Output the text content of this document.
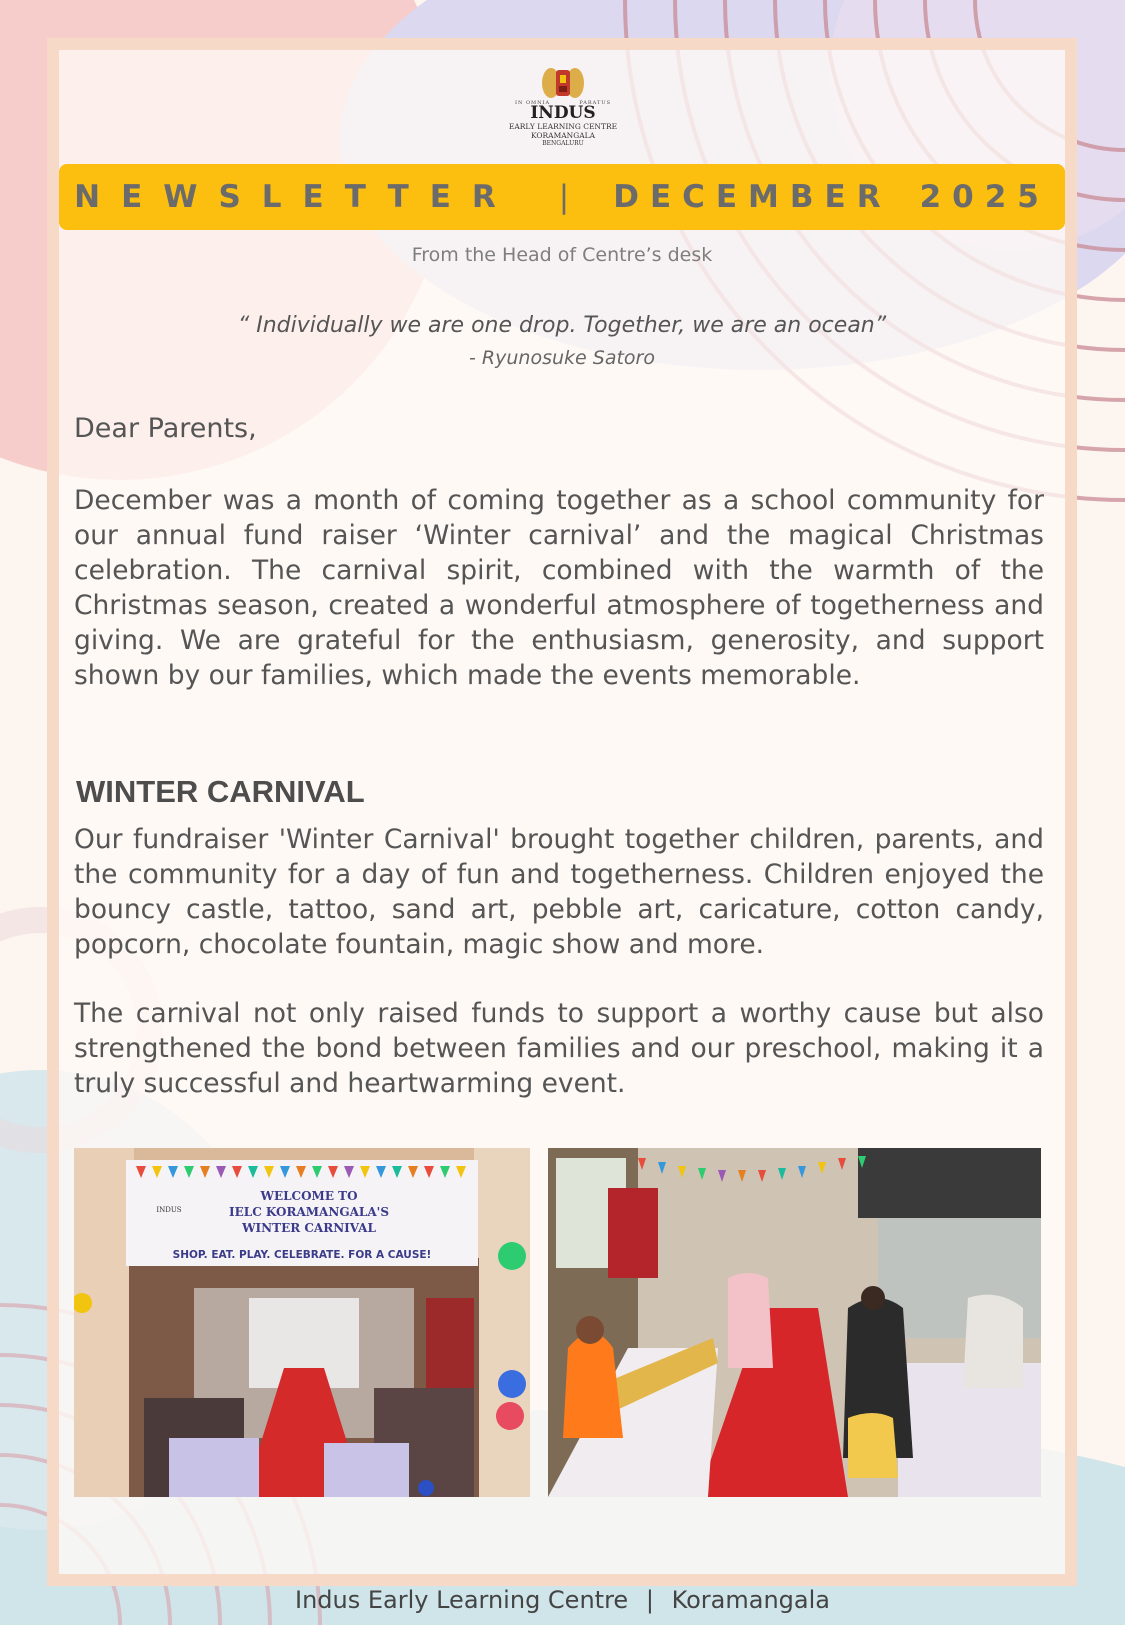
IN OMNIA	PARATUS
INDUS
EARLY LEARNING CENTRE
KORAMANGALA
BENGALURU
NEWSLETTER | DECEMBER 2025
From the Head of Centre’s desk
“ Individually we are one drop. Together, we are an ocean”
- Ryunosuke Satoro

Dear Parents,

December was a month of coming together as a school community for our annual fund raiser ‘Winter carnival’ and the magical Christmas celebration. The carnival spirit, combined with the warmth of the Christmas season, created a wonderful atmosphere of togetherness and giving. We are grateful for the enthusiasm, generosity, and support shown by our families, which made the events memorable.

WINTER CARNIVAL

Our fundraiser 'Winter Carnival' brought together children, parents, and the community for a day of fun and togetherness. Children enjoyed the bouncy castle, tattoo, sand art, pebble art, caricature, cotton candy, popcorn, chocolate fountain, magic show and more.

The carnival not only raised funds to support a worthy cause but also strengthened the bond between families and our preschool, making it a truly successful and heartwarming event.

INDUS
WELCOME TO
IELC KORAMANGALA'S
WINTER CARNIVAL
SHOP. EAT. PLAY. CELEBRATE. FOR A CAUSE!
Indus Early Learning Centre | Koramangala
